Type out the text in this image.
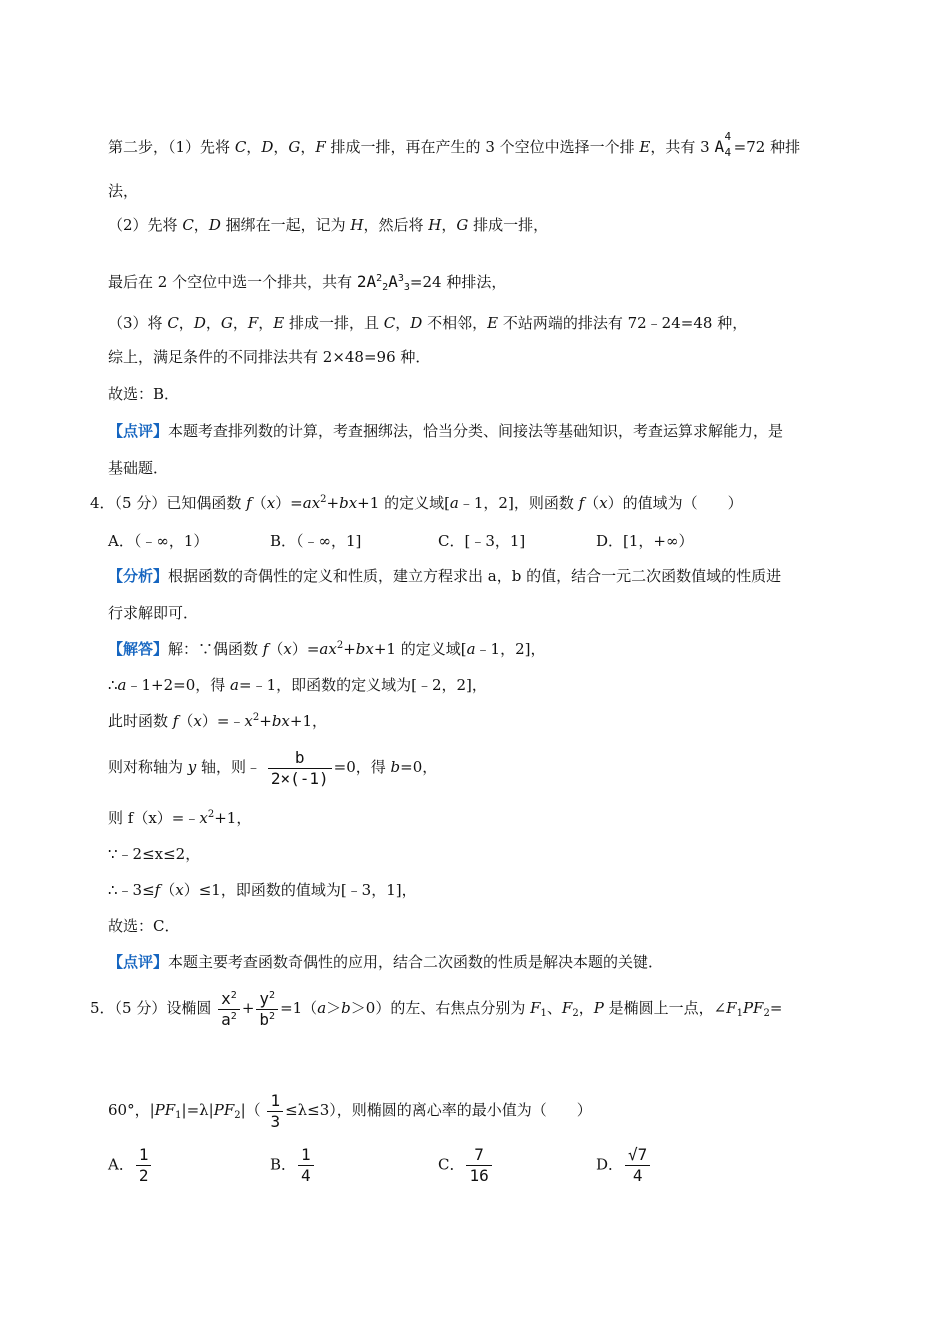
第二步，（1）先将 C，D，G，F 排成一排，再在产生的 3 个空位中选择一个排 E，共有 3 A
4
4 =72 种排
法，
（2）先将 C，D 捆绑在一起，记为 H，然后将 H，G 排成一排，
最后在 2 个空位中选一个排共，共有 $2A^2_2A^3_3=24$ 种排法，
（3）将 C，D，G，F，E 排成一排，且 C，D 不相邻，E 不站两端的排法有 72﹣24=48 种，
综上，满足条件的不同排法共有 2×48=96 种．
故选：B．
【点评】本题考查排列数的计算，考查捆绑法，恰当分类、间接法等基础知识，考查运算求解能力，是
基础题．
4．（5 分）已知偶函数 $f(x)=ax^2+bx+1$ 的定义域[a﹣1，2]，则函数 f（x）的值域为（　　）
A．（﹣∞，1）	B．（﹣∞，1]	C．[﹣3，1]	D．[1，+∞）
【分析】根据函数的奇偶性的定义和性质，建立方程求出 a，b 的值，结合一元二次函数值域的性质进
行求解即可．
【解答】解：∵偶函数 $f(x)=ax^2+bx+1$ 的定义域[a﹣1，2]，
∴a﹣1+2=0，得 a=﹣1，即函数的定义域为[﹣2，2]，
此时函数 $f(x)=﹣x^2+bx+1$，
则对称轴为 y 轴，则﹣ $\frac{b}{2\times(-1)} =0$，得 b=0，
则 $f(x)=﹣x^2+1$，
∵﹣2≤x≤2，
∴﹣3≤f（x）≤1，即函数的值域为[﹣3，1]，
故选：C．
【点评】本题主要考查函数奇偶性的应用，结合二次函数的性质是解决本题的关键．
5．（5 分）设椭圆 $\frac{x^2}{a^2} + \frac{y^2}{b^2} =1(a>b>0)$的左、右焦点分别为 $F_1$、$F_2$，P 是椭圆上一点，$\angle F_1PF_2=$
60°，$|PF_1|=\lambda|PF_2|( \frac{1}{3} \le\lambda\le 3)$，则椭圆的离心率的最小值为（　　）
A． $\frac{1}{2}$	B． $\frac{1}{4}$	C． $\frac{7}{16}$	D． $\frac{√7}{4}$
